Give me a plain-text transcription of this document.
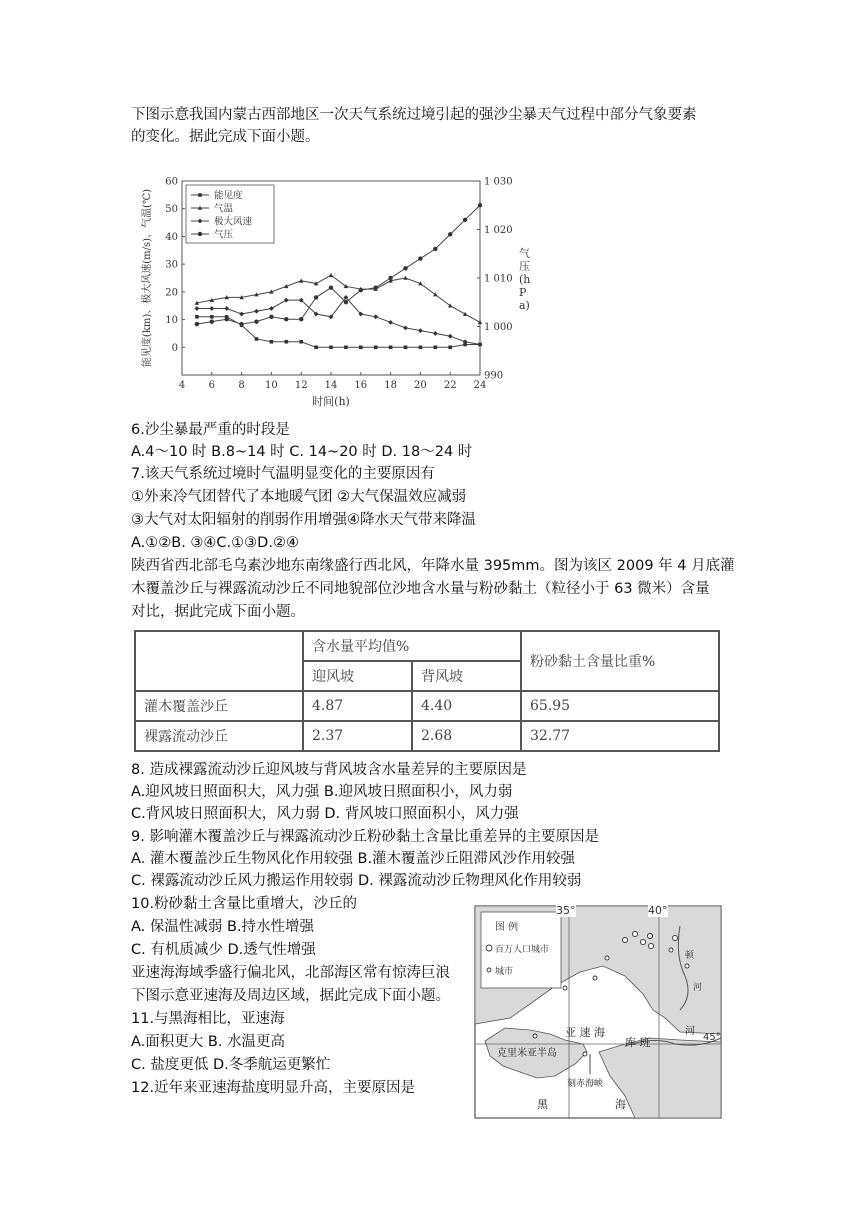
下图示意我国内蒙古西部地区一次天气系统过境引起的强沙尘暴天气过程中部分气象要素
的变化。据此完成下面小题。
4 6 8 10 12 14 16 18 20 22 24
0
10
20
30
40
50
60
990
1 000
1 010
1 020
1 030
能见度
气温
极大风速
气压
时间(h)
能见度(km)、极大风速(m/s)、气温(℃)	气压(hPa)
6.沙尘暴最严重的时段是
A.4～10 时 B.8~14 时 C. 14~20 时 D. 18～24 时
7.该天气系统过境时气温明显变化的主要原因有
①外来冷气团替代了本地暖气团 ②大气保温效应减弱
③大气对太阳辐射的削弱作用增强④降水天气带来降温
A.①②B. ③④C.①③D.②④
陕西省西北部毛乌素沙地东南缘盛行西北风，年降水量 395mm。图为该区 2009 年 4 月底灌
木覆盖沙丘与裸露流动沙丘不同地貌部位沙地含水量与粉砂黏土（粒径小于 63 微米）含量
对比，据此完成下面小题。
	含水量平均值%		粉砂黏土含量比重%
	迎风坡	背风坡	
灌木覆盖沙丘	4.87	4.40	65.95
裸露流动沙丘	2.37	2.68	32.77
8. 造成裸露流动沙丘迎风坡与背风坡含水量差异的主要原因是
A.迎风坡日照面积大，风力强 B.迎风坡日照面积小，风力弱
C.背风坡日照面积大，风力弱 D. 背风坡口照面积小，风力强
9. 影响灌木覆盖沙丘与裸露流动沙丘粉砂黏土含量比重差异的主要原因是
A. 灌木覆盖沙丘生物风化作用较强 B.灌木覆盖沙丘阻滞风沙作用较强
C. 裸露流动沙丘风力搬运作用较弱 D. 裸露流动沙丘物理风化作用较弱
10.粉砂黏土含量比重增大，沙丘的
A. 保温性减弱 B.持水性增强
C. 有机质减少 D.透气性增强
亚速海海域季盛行偏北风，北部海区常有惊涛巨浪
下图示意亚速海及周边区域，据此完成下面小题。
11.与黑海相比，亚速海
A.面积更大 B. 水温更高
C. 盐度更低 D.冬季航运更繁忙
12.近年来亚速海盐度明显升高，主要原因是
图 例
百万人口城市
城市
45°
亚 速 海
顿
河
库 班
河
克里米亚半岛
刻赤海峡
黑	海
35°	40°
